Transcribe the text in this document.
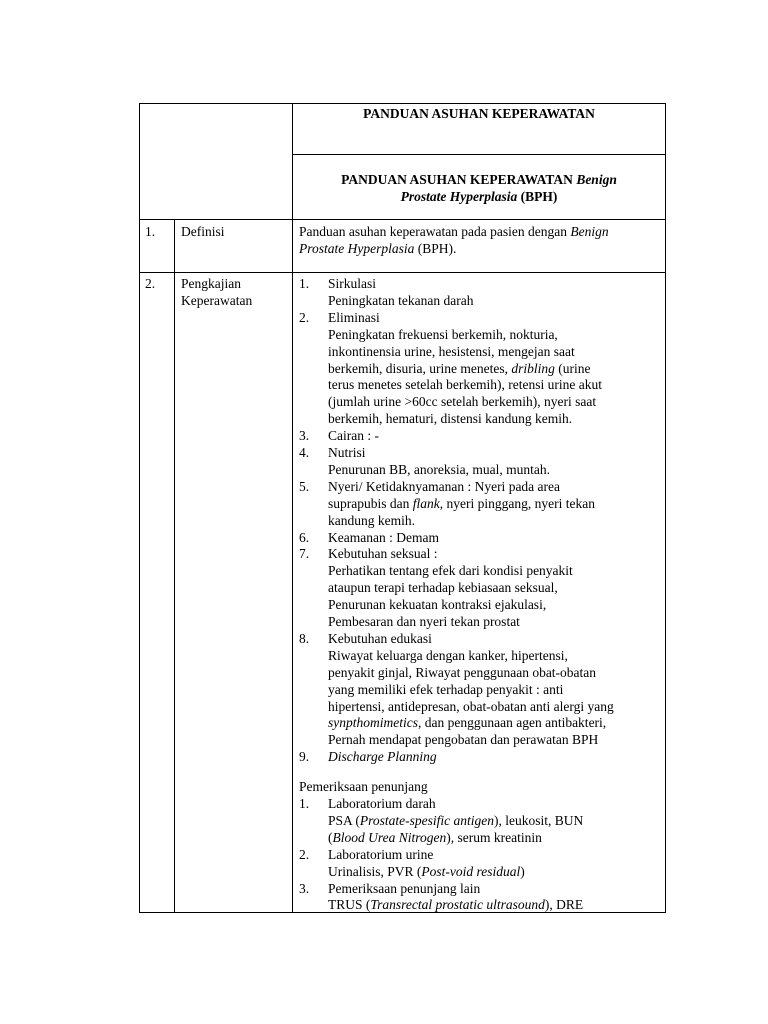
PANDUAN ASUHAN KEPERAWATAN
PANDUAN ASUHAN KEPERAWATAN Benign
Prostate Hyperplasia (BPH)
1. Definisi	Panduan asuhan keperawatan pada pasien dengan Benign
Prostate Hyperplasia (BPH).
2. Pengkajian
Keperawatan
1. Sirkulasi
Peningkatan tekanan darah
2. Eliminasi
Peningkatan frekuensi berkemih, nokturia,
inkontinensia urine, hesistensi, mengejan saat
berkemih, disuria, urine menetes, dribling (urine
terus menetes setelah berkemih), retensi urine akut
(jumlah urine >60cc setelah berkemih), nyeri saat
berkemih, hematuri, distensi kandung kemih.
3. Cairan : -
4. Nutrisi
Penurunan BB, anoreksia, mual, muntah.
5. Nyeri/ Ketidaknyamanan : Nyeri pada area
suprapubis dan flank, nyeri pinggang, nyeri tekan
kandung kemih.
6. Keamanan : Demam
7. Kebutuhan seksual :
Perhatikan tentang efek dari kondisi penyakit
ataupun terapi terhadap kebiasaan seksual,
Penurunan kekuatan kontraksi ejakulasi,
Pembesaran dan nyeri tekan prostat
8. Kebutuhan edukasi
Riwayat keluarga dengan kanker, hipertensi,
penyakit ginjal, Riwayat penggunaan obat-obatan
yang memiliki efek terhadap penyakit : anti
hipertensi, antidepresan, obat-obatan anti alergi yang
synpthomimetics, dan penggunaan agen antibakteri,
Pernah mendapat pengobatan dan perawatan BPH
9. Discharge Planning
Pemeriksaan penunjang
1. Laboratorium darah
PSA (Prostate-spesific antigen), leukosit, BUN
(Blood Urea Nitrogen), serum kreatinin
2. Laboratorium urine
Urinalisis, PVR (Post-void residual)
3. Pemeriksaan penunjang lain
TRUS (Transrectal prostatic ultrasound), DRE
